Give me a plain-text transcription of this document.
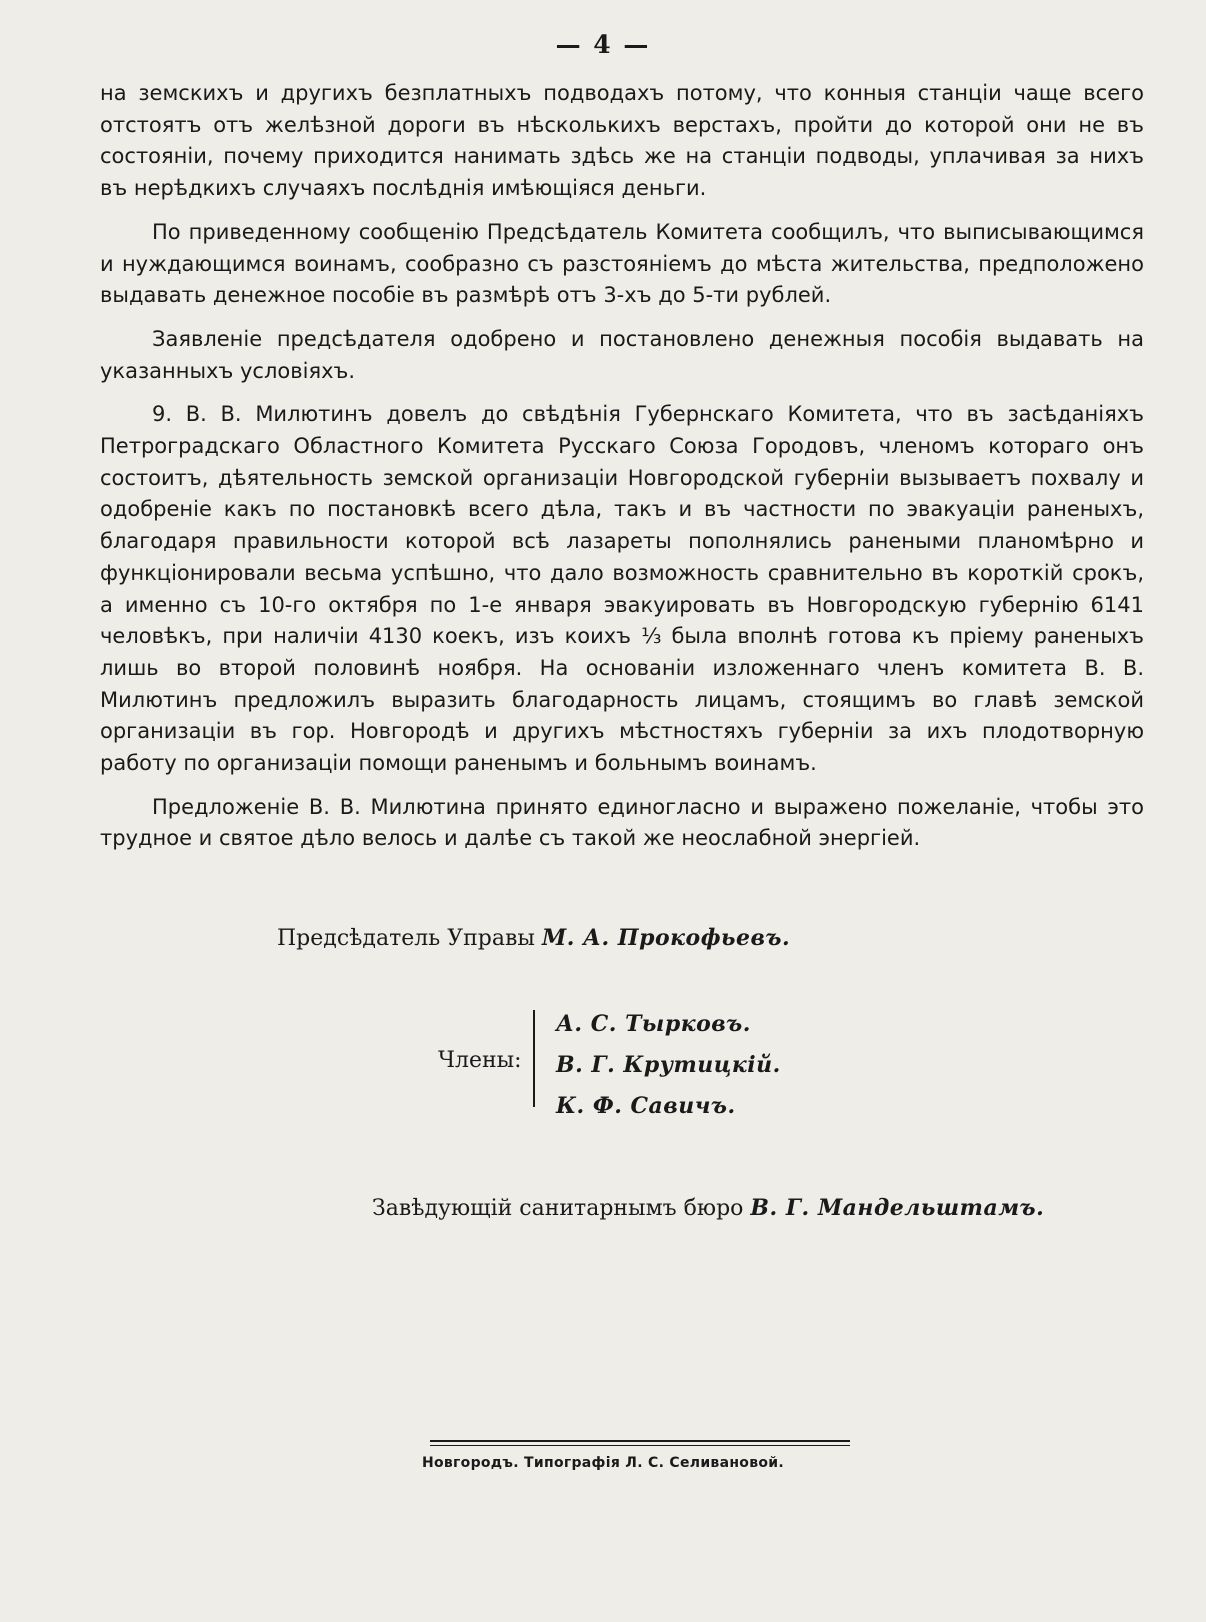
— 4 —

на земскихъ и другихъ безплатныхъ подводахъ потому, что конныя станціи чаще всего отстоятъ отъ желѣзной дороги въ нѣсколькихъ верстахъ, пройти до которой они не въ состояніи, почему приходится нанимать здѣсь же на станціи подводы, уплачивая за нихъ въ нерѣдкихъ случаяхъ послѣднія имѣющіяся деньги.

По приведенному сообщенію Предсѣдатель Комитета сообщилъ, что выписывающимся и нуждающимся воинамъ, сообразно съ разстояніемъ до мѣста жительства, предположено выдавать денежное пособіе въ размѣрѣ отъ 3-хъ до 5-ти рублей.

Заявленіе предсѣдателя одобрено и постановлено денежныя пособія выдавать на указанныхъ условіяхъ.

9. В. В. Милютинъ довелъ до свѣдѣнія Губернскаго Комитета, что въ засѣданіяхъ Петроградскаго Областного Комитета Русскаго Союза Городовъ, членомъ котораго онъ состоитъ, дѣятельность земской организаціи Новгородской губерніи вызываетъ похвалу и одобреніе какъ по постановкѣ всего дѣла, такъ и въ частности по эвакуаціи раненыхъ, благодаря правильности которой всѣ лазареты пополнялись ранеными планомѣрно и функціонировали весьма успѣшно, что дало возможность сравнительно въ короткій срокъ, а именно съ 10-го октября по 1-е января эвакуировать въ Новгородскую губернію 6141 человѣкъ, при наличіи 4130 коекъ, изъ коихъ ⅓ была вполнѣ готова къ пріему раненыхъ лишь во второй половинѣ ноября. На основаніи изложеннаго членъ комитета В. В. Милютинъ предложилъ выразить благодарность лицамъ, стоящимъ во главѣ земской организаціи въ гор. Новгородѣ и другихъ мѣстностяхъ губерніи за ихъ плодотворную работу по организаціи помощи раненымъ и больнымъ воинамъ.

Предложеніе В. В. Милютина принято единогласно и выражено пожеланіе, чтобы это трудное и святое дѣло велось и далѣе съ такой же неослабной энергіей.

Предсѣдатель Управы М. А. Прокофьевъ.
Члены:
А. С. Тырковъ.
В. Г. Крутицкій.
К. Ф. Савичъ.
Завѣдующій санитарнымъ бюро В. Г. Мандельштамъ.
Новгородъ. Типографія Л. С. Селивановой.
